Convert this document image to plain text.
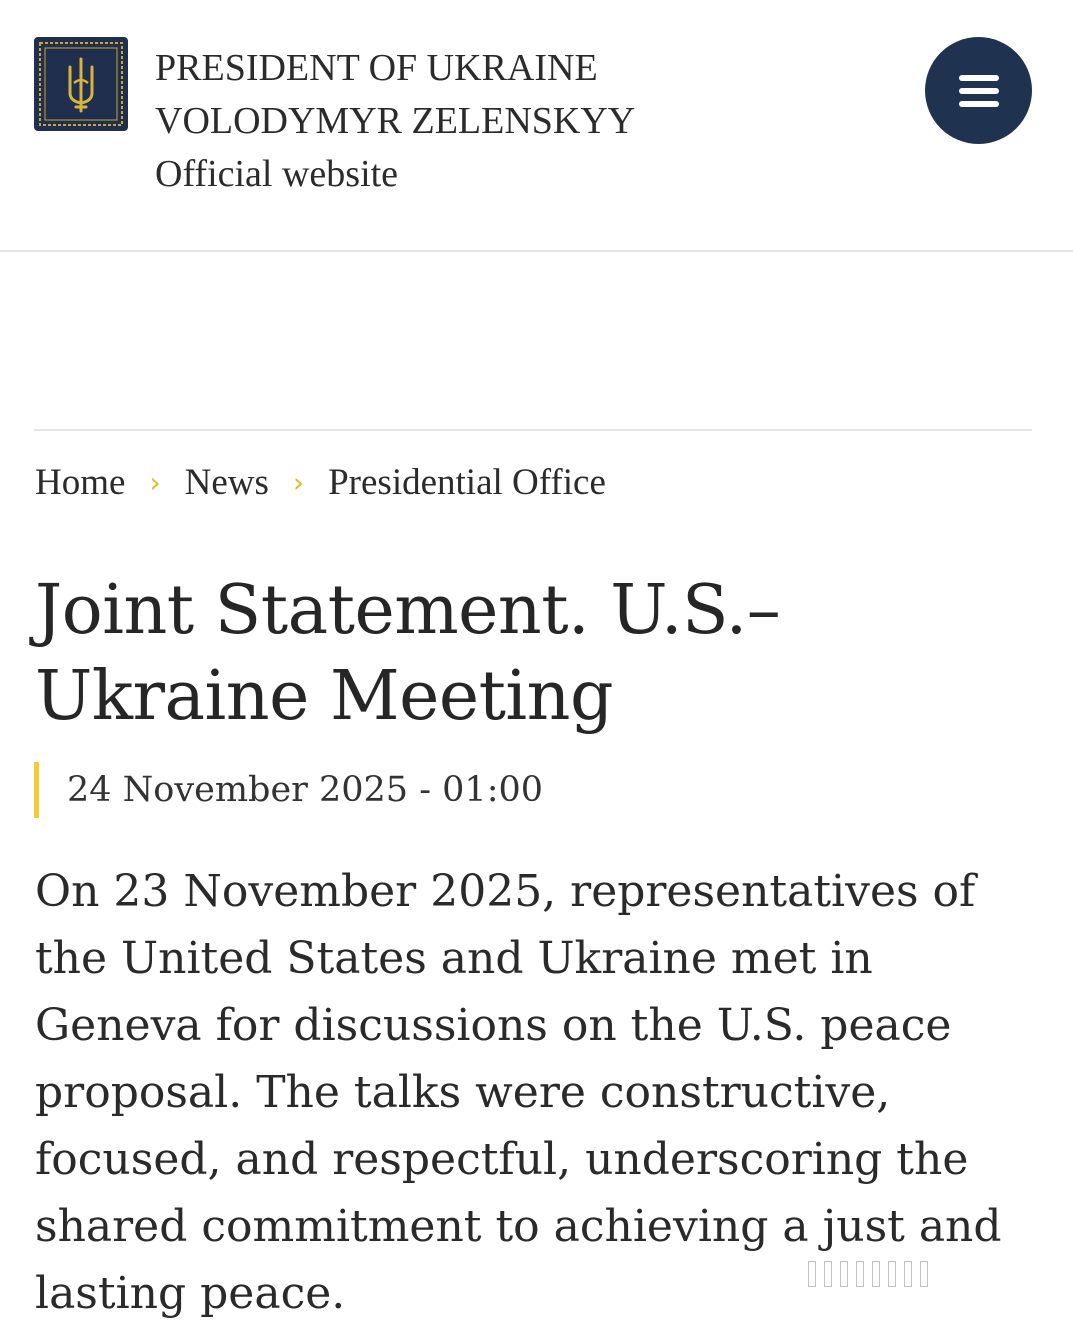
PRESIDENT OF UKRAINE
VOLODYMYR ZELENSKYY
Official website
Home › News › Presidential Office
Joint Statement. U.S.–Ukraine Meeting
24 November 2025 - 01:00

On 23 November 2025, representatives of the United States and Ukraine met in Geneva for discussions on the U.S. peace proposal. The talks were constructive, focused, and respectful, underscoring the shared commitment to achieving a just and lasting peace.
